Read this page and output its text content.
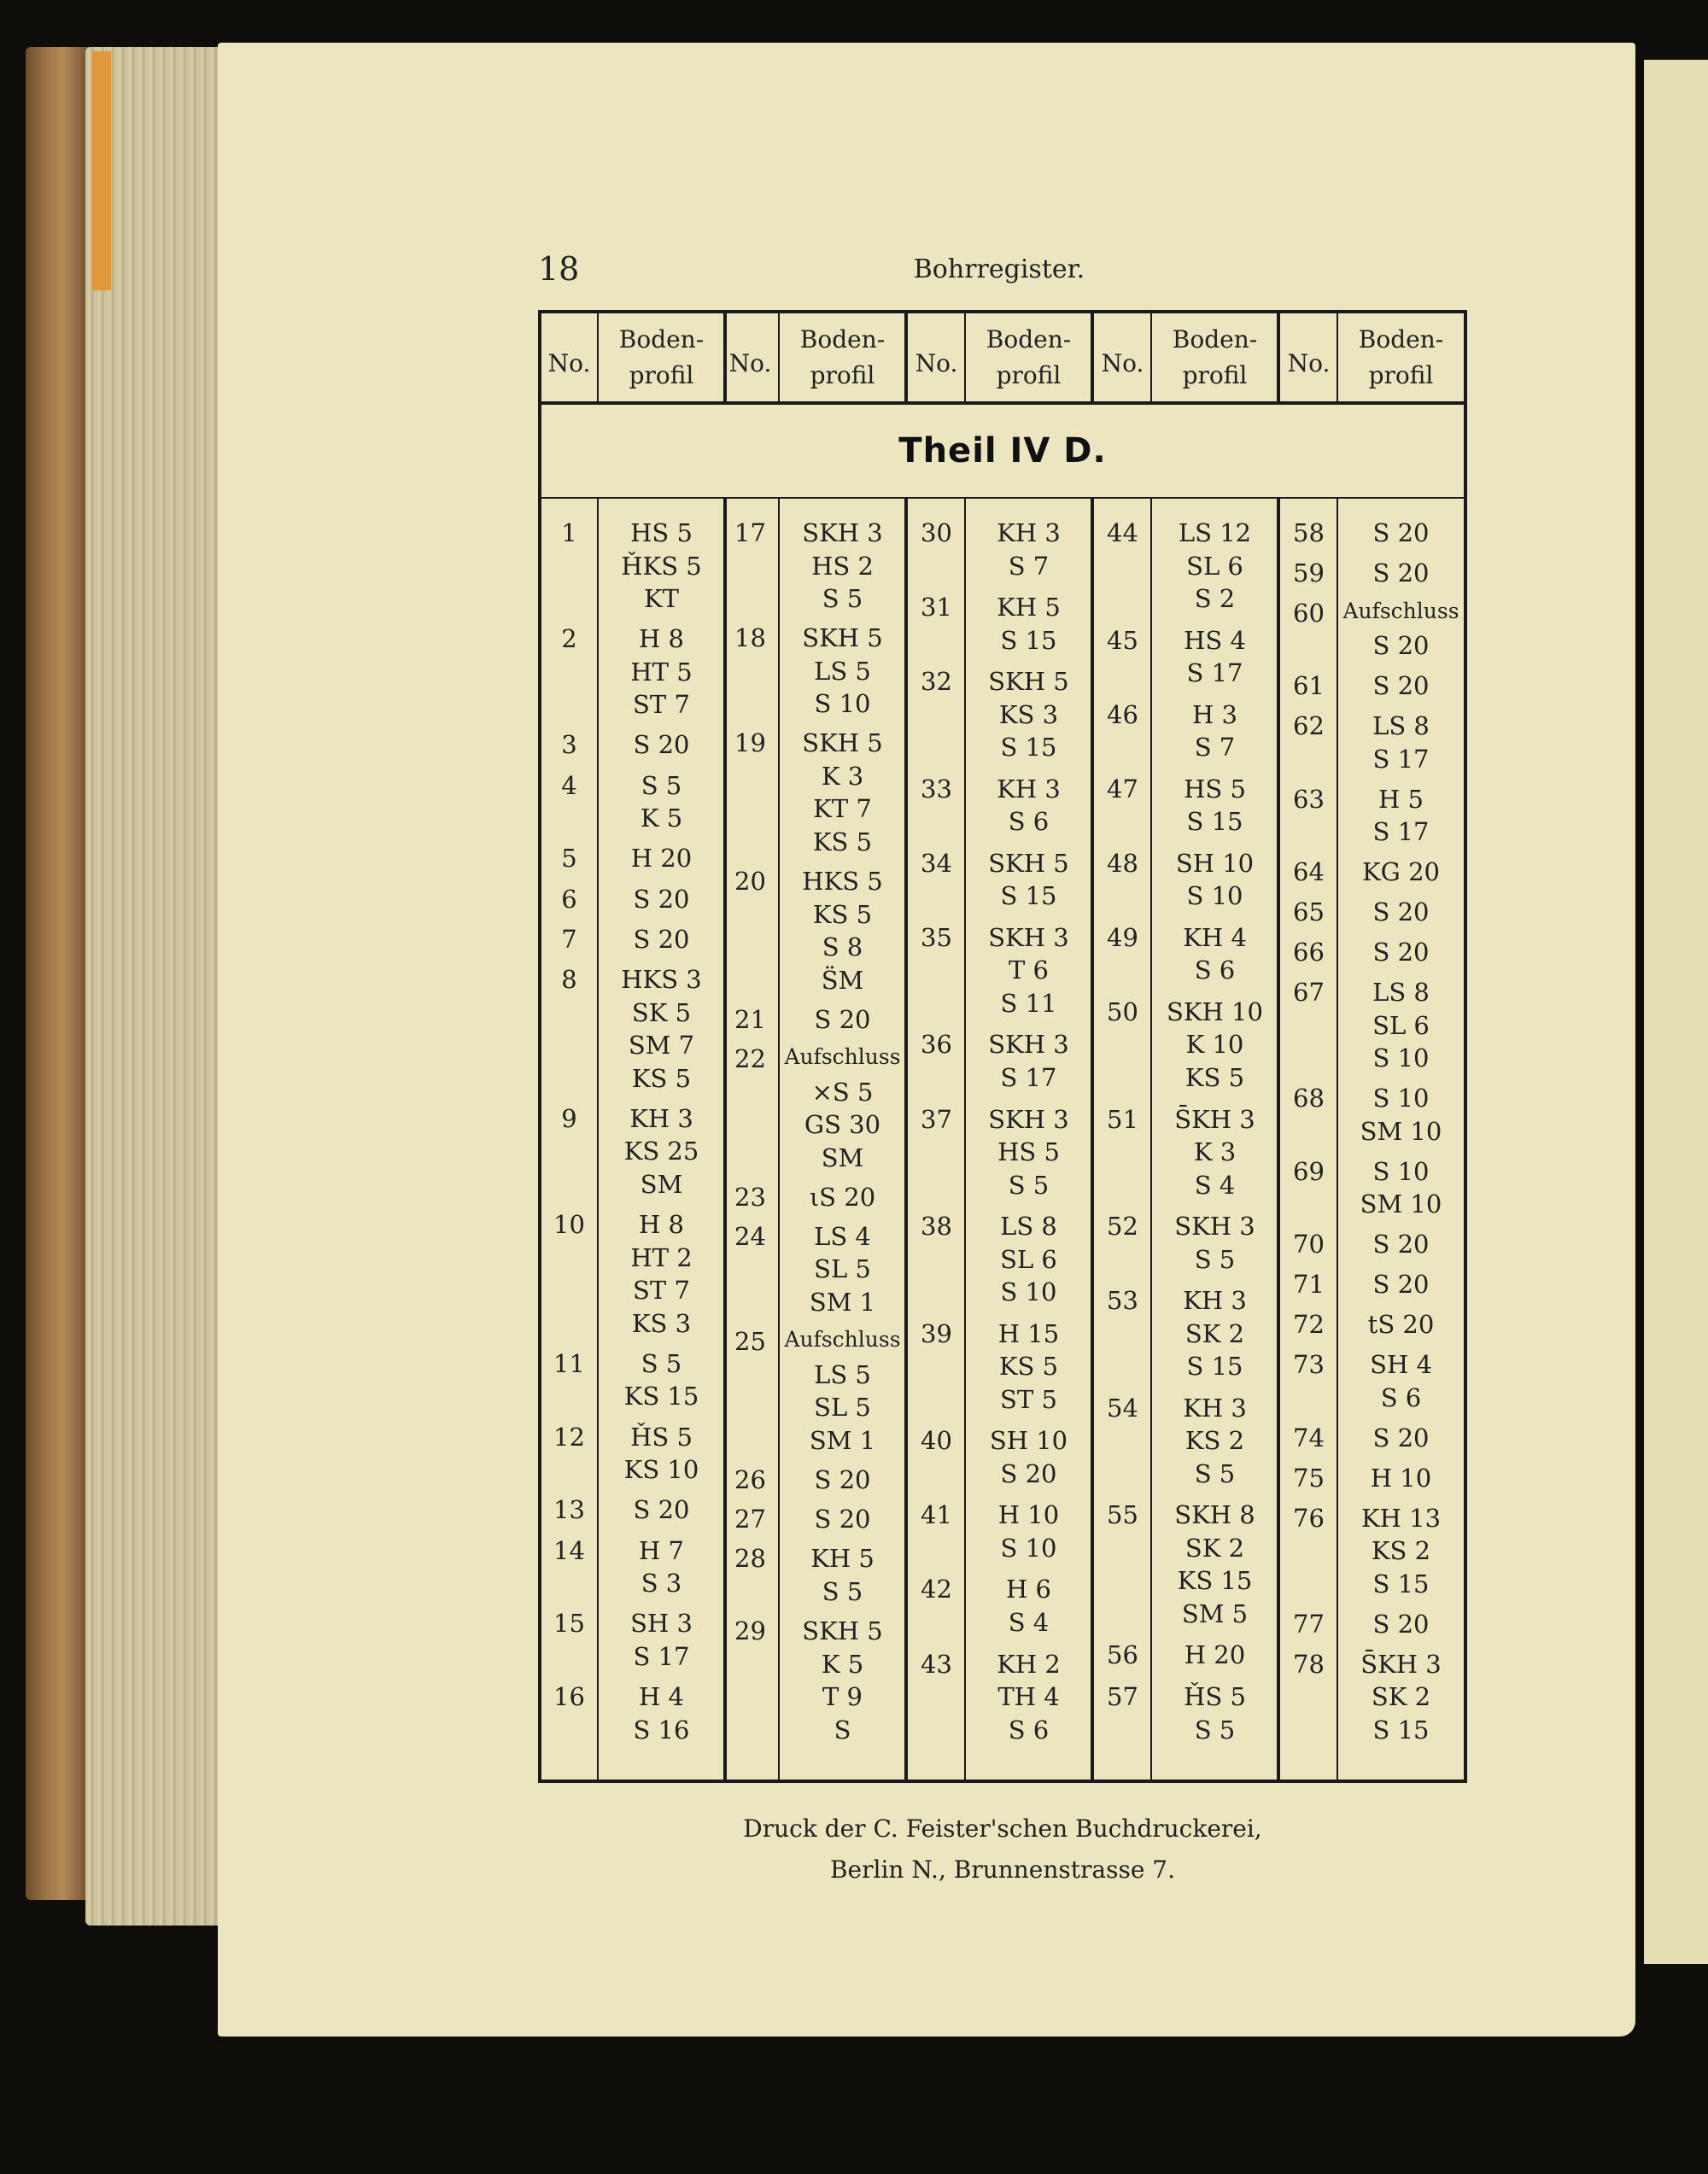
18	Bohrregister.
Theil IV D.
No.
Boden-
profil	No.
Boden-
profil	No.
Boden-
profil	No.
Boden-
profil	No.
Boden-
profil
1	HS 5
ȞKS 5
KT
2	H 8
HT 5
ST 7
3	S 20
4	S 5
K 5
5	H 20
6	S 20
7	S 20
8	HKS 3
SK 5
SM 7
KS 5
9	KH 3
KS 25
SM
10	H 8
HT 2
ST 7
KS 3
11	S 5
KS 15
12	ȞS 5
KS 10
13	S 20
14	H 7
S 3
15	SH 3
S 17
16	H 4
S 16
17	SKH 3
HS 2
S 5
18	SKH 5
LS 5
S 10
19	SKH 5
K 3
KT 7
KS 5
20	HKS 5
KS 5
S 8
S̈M
21	S 20
22 Aufschluss
×S 5
GS 30
SM
23	ιS 20
24	LS 4
SL 5
SM 1
25 Aufschluss
LS 5
SL 5
SM 1
26	S 20
27	S 20
28	KH 5
S 5
29	SKH 5
K 5
T 9
S
30	KH 3
S 7
31	KH 5
S 15
32	SKH 5
KS 3
S 15
33	KH 3
S 6
34	SKH 5
S 15
35	SKH 3
T 6
S 11
36	SKH 3
S 17
37	SKH 3
HS 5
S 5
38	LS 8
SL 6
S 10
39	H 15
KS 5
ST 5
40	SH 10
S 20
41	H 10
S 10
42	H 6
S 4
43	KH 2
TH 4
S 6
44	LS 12
SL 6
S 2
45	HS 4
S 17
46	H 3
S 7
47	HS 5
S 15
48	SH 10
S 10
49	KH 4
S 6
50	SKH 10
K 10
KS 5
51	S̄KH 3
K 3
S 4
52	SKH 3
S 5
53	KH 3
SK 2
S 15
54	KH 3
KS 2
S 5
55	SKH 8
SK 2
KS 15
SM 5
56	H 20
57	ȞS 5
S 5
58	S 20
59	S 20
60 Aufschluss
S 20
61	S 20
62	LS 8
S 17
63	H 5
S 17
64	KG 20
65	S 20
66	S 20
67	LS 8
SL 6
S 10
68	S 10
SM 10
69	S 10
SM 10
70	S 20
71	S 20
72	tS 20
73	SH 4
S 6
74	S 20
75	H 10
76	KH 13
KS 2
S 15
77	S 20
78	S̄KH 3
SK 2
S 15
Druck der C. Feister'schen Buchdruckerei,
Berlin N., Brunnenstrasse 7.
